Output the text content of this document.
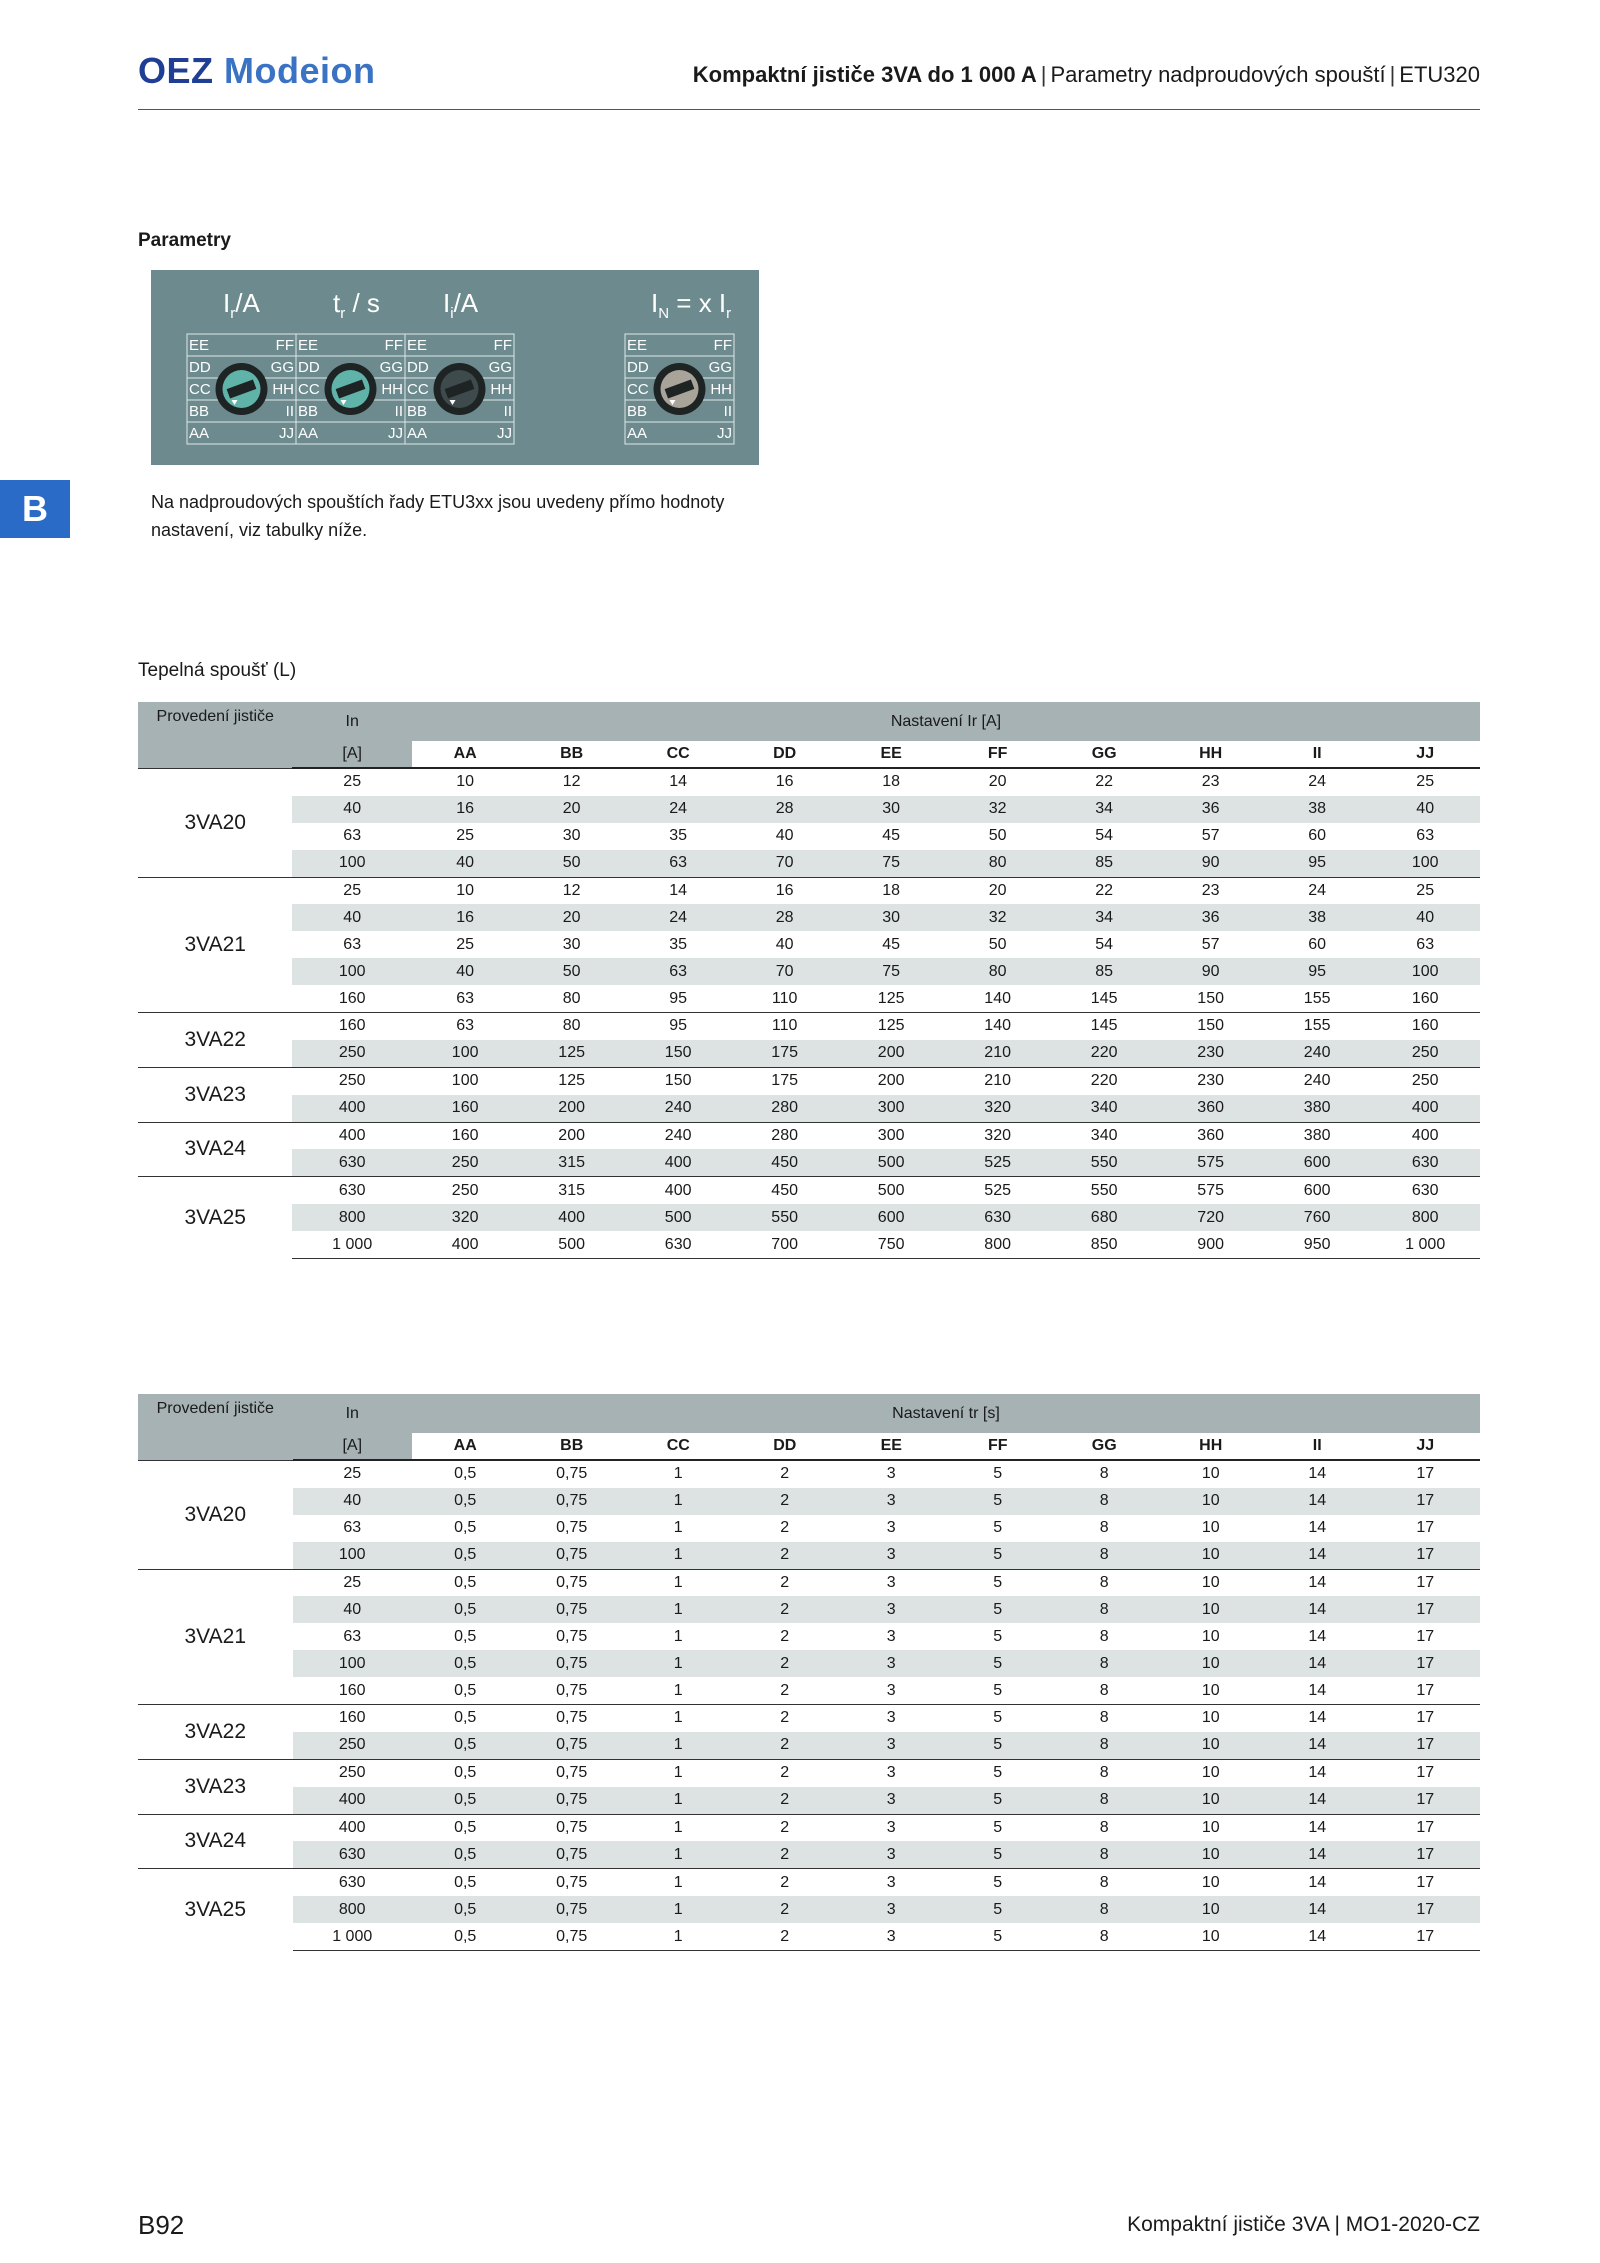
OEZ Modeion	Kompaktní jističe 3VA do 1 000 A | Parametry nadproudových spouští | ETU320
B
Parametry
$I_r/A$	$t_r$ / s $I_i/A$	$I_N = x$ $I_r$
EE	FF
DD	GG
CC	HH
BB	II
AA	JJ
EE	FF
DD	GG
CC	HH
BB	II
AA	JJ
EE	FF
DD	GG
CC	HH
BB	II
AA	JJ
EE	FF
DD	GG
CC	HH
BB	II
AA	JJ
Na nadproudových spouštích řady ETU3xx jsou uvedeny přímo hodnoty nastavení, viz tabulky níže.
Tepelná spoušť (L)
Provedení jističe	In	Nastavení Ir [A]									
	[A]	AA	BB	CC	DD	EE	FF	GG	HH	II	JJ
3VA20	25	10	12	14	16	18	20	22	23	24	25
	40	16	20	24	28	30	32	34	36	38	40
	63	25	30	35	40	45	50	54	57	60	63
	100	40	50	63	70	75	80	85	90	95	100
3VA21	25	10	12	14	16	18	20	22	23	24	25
	40	16	20	24	28	30	32	34	36	38	40
	63	25	30	35	40	45	50	54	57	60	63
	100	40	50	63	70	75	80	85	90	95	100
	160	63	80	95	110	125	140	145	150	155	160
3VA22	160	63	80	95	110	125	140	145	150	155	160
	250	100	125	150	175	200	210	220	230	240	250
3VA23	250	100	125	150	175	200	210	220	230	240	250
	400	160	200	240	280	300	320	340	360	380	400
3VA24	400	160	200	240	280	300	320	340	360	380	400
	630	250	315	400	450	500	525	550	575	600	630
3VA25	630	250	315	400	450	500	525	550	575	600	630
	800	320	400	500	550	600	630	680	720	760	800
	1 000	400	500	630	700	750	800	850	900	950	1 000
Provedení jističe	In	Nastavení tr [s]									
	[A]	AA	BB	CC	DD	EE	FF	GG	HH	II	JJ
3VA20	25	0,5	0,75	1	2	3	5	8	10	14	17
	40	0,5	0,75	1	2	3	5	8	10	14	17
	63	0,5	0,75	1	2	3	5	8	10	14	17
	100	0,5	0,75	1	2	3	5	8	10	14	17
3VA21	25	0,5	0,75	1	2	3	5	8	10	14	17
	40	0,5	0,75	1	2	3	5	8	10	14	17
	63	0,5	0,75	1	2	3	5	8	10	14	17
	100	0,5	0,75	1	2	3	5	8	10	14	17
	160	0,5	0,75	1	2	3	5	8	10	14	17
3VA22	160	0,5	0,75	1	2	3	5	8	10	14	17
	250	0,5	0,75	1	2	3	5	8	10	14	17
3VA23	250	0,5	0,75	1	2	3	5	8	10	14	17
	400	0,5	0,75	1	2	3	5	8	10	14	17
3VA24	400	0,5	0,75	1	2	3	5	8	10	14	17
	630	0,5	0,75	1	2	3	5	8	10	14	17
3VA25	630	0,5	0,75	1	2	3	5	8	10	14	17
	800	0,5	0,75	1	2	3	5	8	10	14	17
	1 000	0,5	0,75	1	2	3	5	8	10	14	17
B92	Kompaktní jističe 3VA | MO1-2020-CZ
